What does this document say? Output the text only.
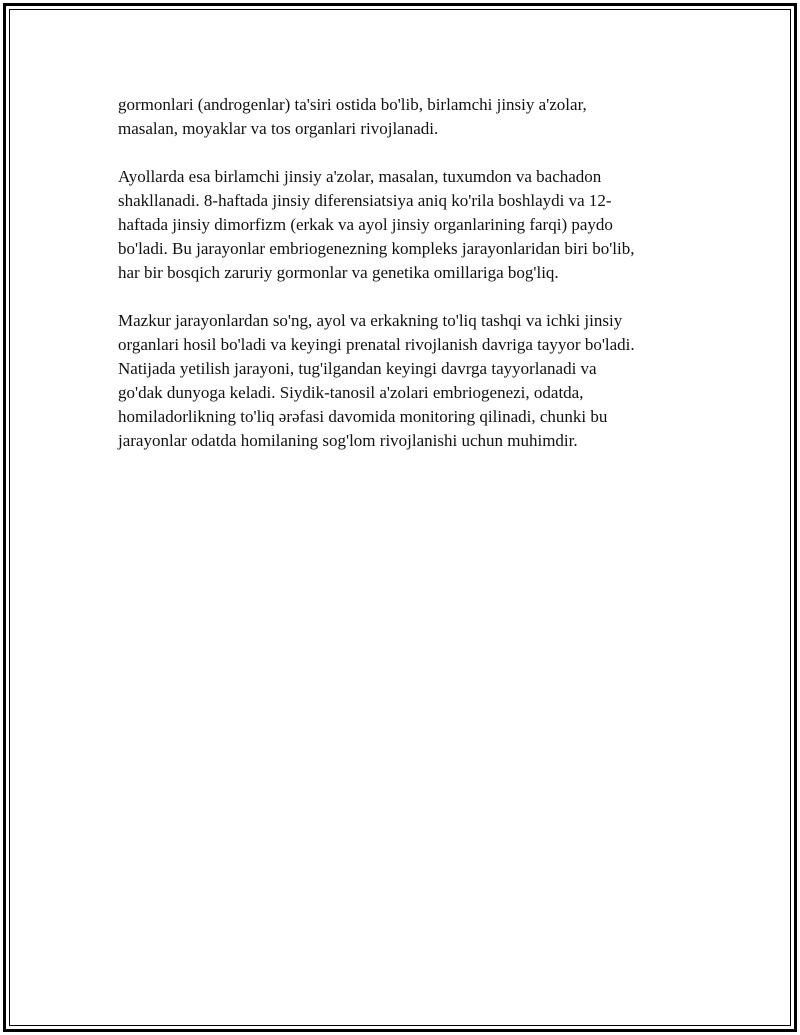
gormonlari (androgenlar) ta'siri ostida bo'lib, birlamchi jinsiy a'zolar,
masalan, moyaklar va tos organlari rivojlanadi.

Ayollarda esa birlamchi jinsiy a'zolar, masalan, tuxumdon va bachadon
shakllanadi. 8-haftada jinsiy diferensiatsiya aniq ko'rila boshlaydi va 12-
haftada jinsiy dimorfizm (erkak va ayol jinsiy organlarining farqi) paydo
bo'ladi. Bu jarayonlar embriogenezning kompleks jarayonlaridan biri bo'lib,
har bir bosqich zaruriy gormonlar va genetika omillariga bog'liq.

Mazkur jarayonlardan so'ng, ayol va erkakning to'liq tashqi va ichki jinsiy
organlari hosil bo'ladi va keyingi prenatal rivojlanish davriga tayyor bo'ladi.
Natijada yetilish jarayoni, tug'ilgandan keyingi davrga tayyorlanadi va
go'dak dunyoga keladi. Siydik-tanosil a'zolari embriogenezi, odatda,
homiladorlikning to'liq ərəfasi davomida monitoring qilinadi, chunki bu
jarayonlar odatda homilaning sog'lom rivojlanishi uchun muhimdir.
